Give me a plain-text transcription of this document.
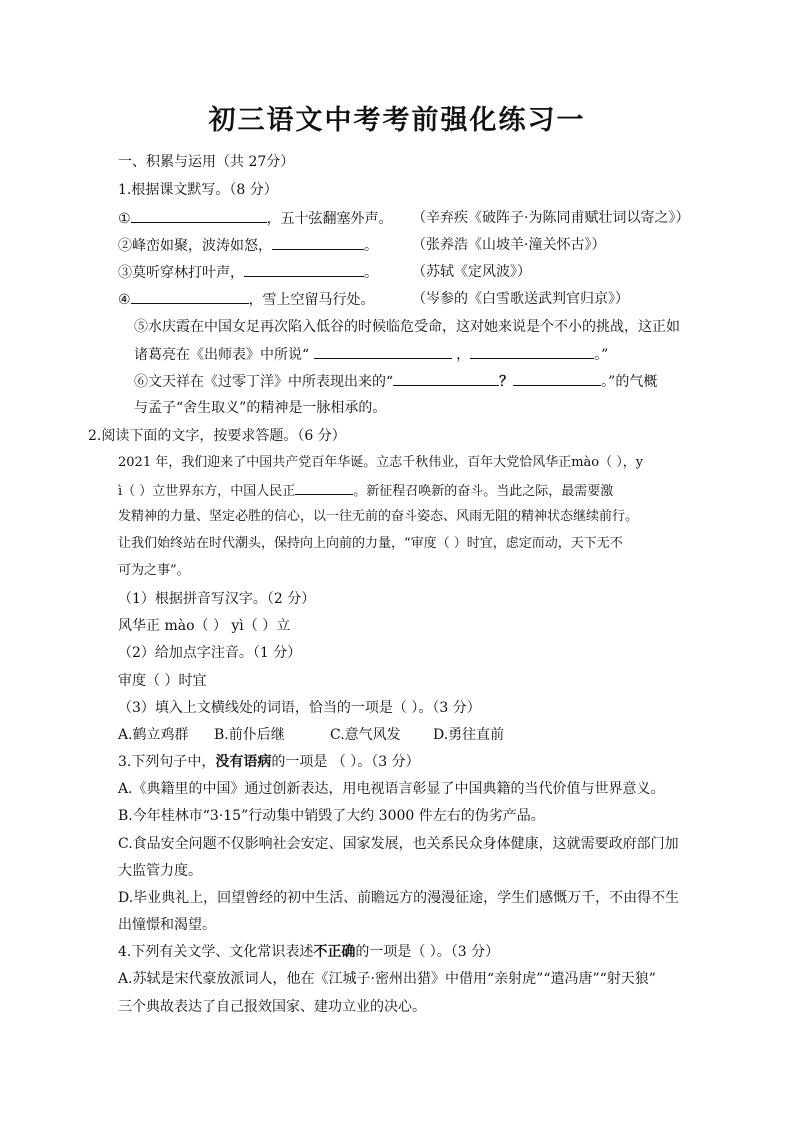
初三语文中考考前强化练习一
一、积累与运用（共 27分）
1.根据课文默写。（8 分）
①	，五十弦翻塞外声。 （辛弃疾《破阵子·为陈同甫赋壮词以寄之》）
②峰峦如聚，波涛如怒，	。 （张养浩《山坡羊·潼关怀古》）
③莫听穿林打叶声，	。 （苏轼《定风波》）
④	，雪上空留马行处。	（岑参的《白雪歌送武判官归京》）
⑤水庆霞在中国女足再次陷入低谷的时候临危受命，这对她来说是个不小的挑战，这正如
诸葛亮在《出师表》中所说“	，	。”
⑥文天祥在《过零丁洋》中所表现出来的“	？	。”的气概
与孟子“舍生取义”的精神是一脉相承的。
2.阅读下面的文字，按要求答题。（6 分）
2021 年，我们迎来了中国共产党百年华诞。立志千秋伟业，百年大党恰风华正mào（ ），y
ì（ ）立世界东方，中国人民正	。新征程召唤新的奋斗。当此之际，最需要激
发精神的力量、坚定必胜的信心，以一往无前的奋斗姿态、风雨无阻的精神状态继续前行。
让我们始终站在时代潮头，保持向上向前的力量，“审度（ ）时宜，虑定而动，天下无不
可为之事”。
（1）根据拼音写汉字。（2 分）
风华正 mào（ ） yì（ ）立
（2）给加点字注音。（1 分）
审度（ ）时宜
（3）填入上文横线处的词语，恰当的一项是（ ）。（3 分）
A.鹤立鸡群 B.前仆后继	C.意气风发 D.勇往直前
3.下列句子中，没有语病的一项是 （ ）。（3 分）
A.《典籍里的中国》通过创新表达，用电视语言彰显了中国典籍的当代价值与世界意义。
B.今年桂林市“3·15”行动集中销毁了大约 3000 件左右的伪劣产品。
C.食品安全问题不仅影响社会安定、国家发展，也关系民众身体健康，这就需要政府部门加
大监管力度。
D.毕业典礼上，回望曾经的初中生活、前瞻远方的漫漫征途，学生们感慨万千，不由得不生
出憧憬和渴望。
4.下列有关文学、文化常识表述不正确的一项是（ ）。（3 分）
A.苏轼是宋代豪放派词人，他在《江城子·密州出猎》中借用“亲射虎”“遣冯唐”“射天狼”
三个典故表达了自己报效国家、建功立业的决心。
